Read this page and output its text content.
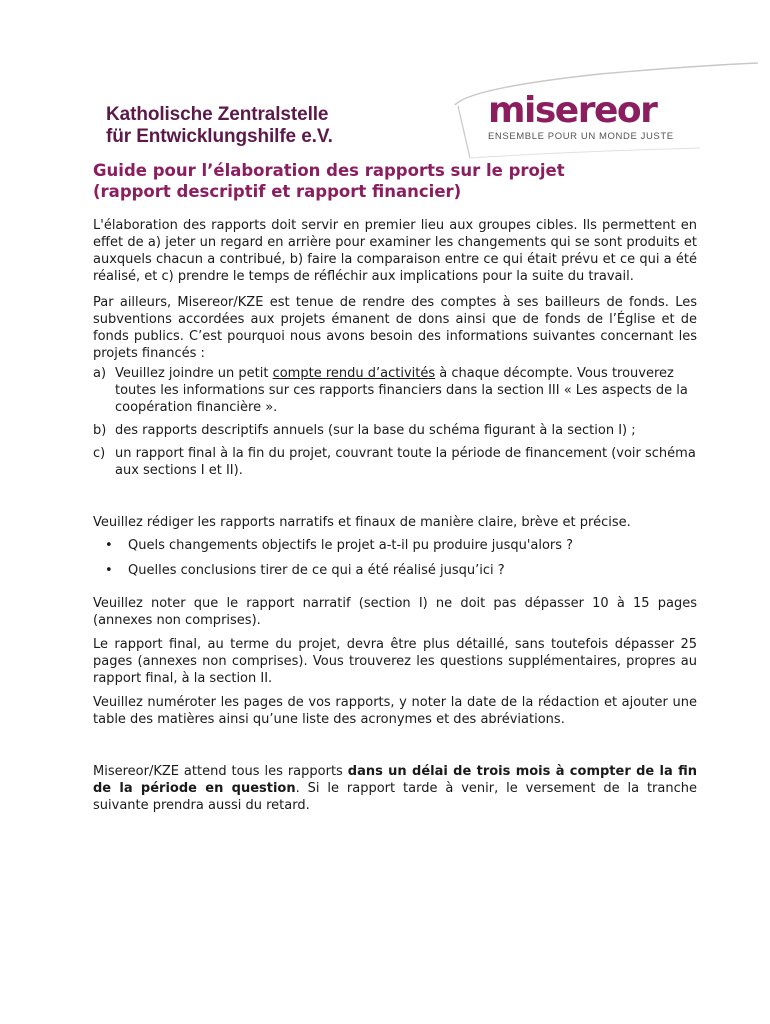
Katholische Zentralstelle
für Entwicklungshilfe e.V.
misereor
ENSEMBLE POUR UN MONDE JUSTE
Guide pour l’élaboration des rapports sur le projet
(rapport descriptif et rapport financier)

L'élaboration des rapports doit servir en premier lieu aux groupes cibles. Ils permettent en effet de a) jeter un regard en arrière pour examiner les changements qui se sont produits et auxquels chacun a contribué, b) faire la comparaison entre ce qui était prévu et ce qui a été réalisé, et c) prendre le temps de réfléchir aux implications pour la suite du travail.

Par ailleurs, Misereor/KZE est tenue de rendre des comptes à ses bailleurs de fonds. Les subventions accordées aux projets émanent de dons ainsi que de fonds de l’Église et de fonds publics. C’est pourquoi nous avons besoin des informations suivantes concernant les projets financés :

a) Veuillez joindre un petit compte rendu d’activités à chaque décompte. Vous trouverez toutes les informations sur ces rapports financiers dans la section III « Les aspects de la coopération financière ».
b) des rapports descriptifs annuels (sur la base du schéma figurant à la section I) ;
c) un rapport final à la fin du projet, couvrant toute la période de financement (voir schéma aux sections I et II).

Veuillez rédiger les rapports narratifs et finaux de manière claire, brève et précise.

•	Quels changements objectifs le projet a-t-il pu produire jusqu'alors ?
•	Quelles conclusions tirer de ce qui a été réalisé jusqu’ici ?

Veuillez noter que le rapport narratif (section I) ne doit pas dépasser 10 à 15 pages (annexes non comprises).

Le rapport final, au terme du projet, devra être plus détaillé, sans toutefois dépasser 25 pages (annexes non comprises). Vous trouverez les questions supplémentaires, propres au rapport final, à la section II.

Veuillez numéroter les pages de vos rapports, y noter la date de la rédaction et ajouter une table des matières ainsi qu’une liste des acronymes et des abréviations.

Misereor/KZE attend tous les rapports dans un délai de trois mois à compter de la fin de la période en question. Si le rapport tarde à venir, le versement de la tranche suivante prendra aussi du retard.
